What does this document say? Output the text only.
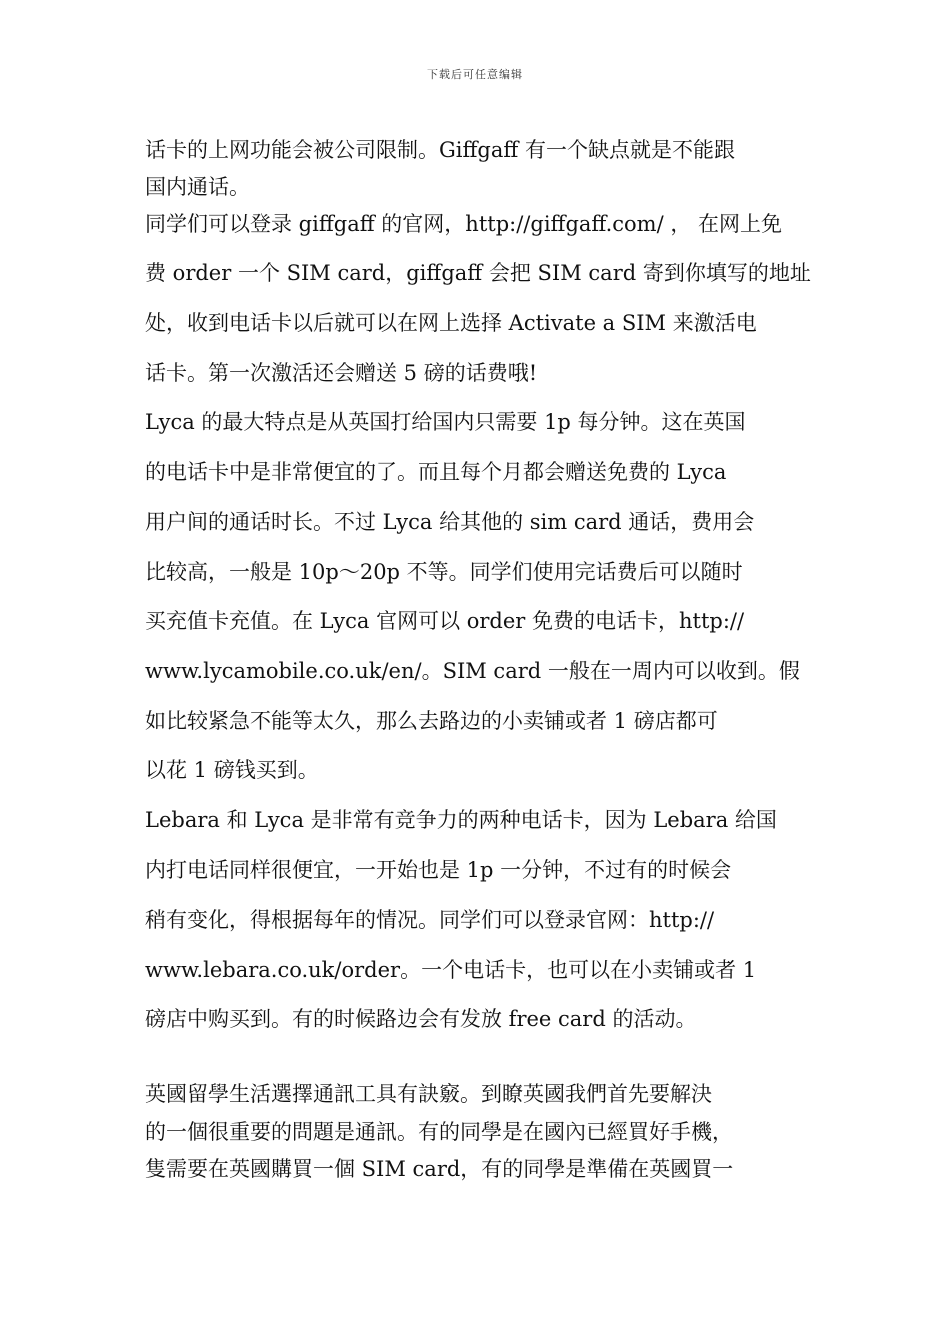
下载后可任意编辑
话卡的上网功能会被公司限制。Giffgaff 有一个缺点就是不能跟
国内通话。
同学们可以登录 giffgaff 的官网，http://giffgaff.com/ ， 在网上免
费 order 一个 SIM card，giffgaff 会把 SIM card 寄到你填写的地址
处，收到电话卡以后就可以在网上选择 Activate a SIM 来激活电
话卡。第一次激活还会赠送 5 磅的话费哦!
Lyca 的最大特点是从英国打给国内只需要 1p 每分钟。这在英国
的电话卡中是非常便宜的了。而且每个月都会赠送免费的 Lyca
用户间的通话时长。不过 Lyca 给其他的 sim card 通话，费用会
比较高，一般是 10p～20p 不等。同学们使用完话费后可以随时
买充值卡充值。在 Lyca 官网可以 order 免费的电话卡，http://
www.lycamobile.co.uk/en/。SIM card 一般在一周内可以收到。假
如比较紧急不能等太久，那么去路边的小卖铺或者 1 磅店都可
以花 1 磅钱买到。
Lebara 和 Lyca 是非常有竞争力的两种电话卡，因为 Lebara 给国
内打电话同样很便宜，一开始也是 1p 一分钟，不过有的时候会
稍有变化，得根据每年的情况。同学们可以登录官网：http://
www.lebara.co.uk/order。一个电话卡，也可以在小卖铺或者 1
磅店中购买到。有的时候路边会有发放 free card 的活动。
英國留學生活選擇通訊工具有訣竅。到瞭英國我們首先要解決
的一個很重要的問題是通訊。有的同學是在國內已經買好手機，
隻需要在英國購買一個 SIM card，有的同學是準備在英國買一
